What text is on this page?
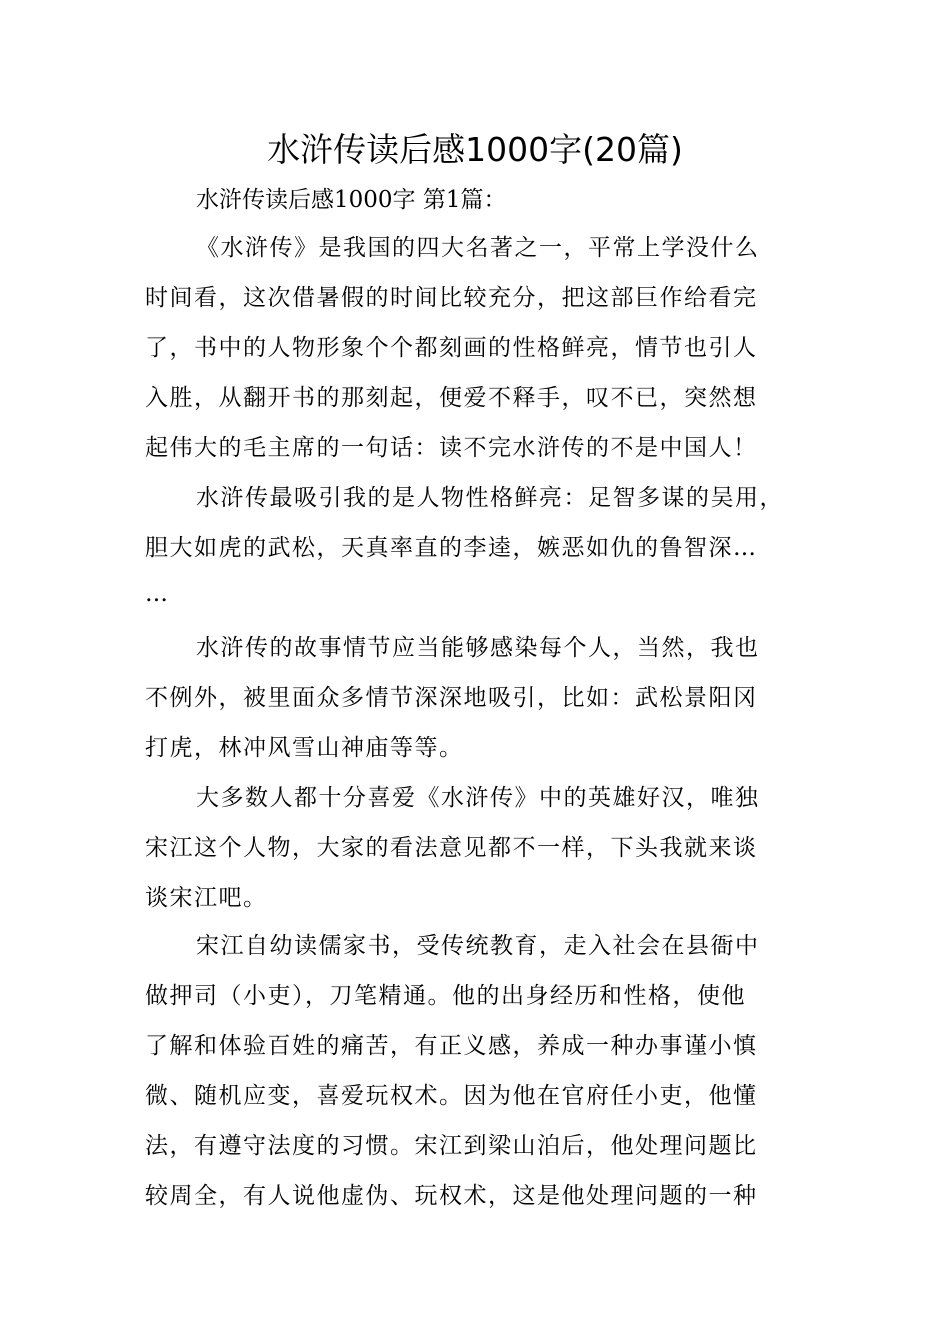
水浒传读后感1000字(20篇)
水浒传读后感1000字 第1篇：
《水浒传》是我国的四大名著之一，平常上学没什么
时间看，这次借暑假的时间比较充分，把这部巨作给看完
了，书中的人物形象个个都刻画的性格鲜亮，情节也引人
入胜，从翻开书的那刻起，便爱不释手，叹不已，突然想
起伟大的毛主席的一句话：读不完水浒传的不是中国人！
水浒传最吸引我的是人物性格鲜亮：足智多谋的吴用，
胆大如虎的武松，天真率直的李逵，嫉恶如仇的鲁智深…
…
水浒传的故事情节应当能够感染每个人，当然，我也
不例外，被里面众多情节深深地吸引，比如：武松景阳冈
打虎，林冲风雪山神庙等等。
大多数人都十分喜爱《水浒传》中的英雄好汉，唯独
宋江这个人物，大家的看法意见都不一样，下头我就来谈
谈宋江吧。
宋江自幼读儒家书，受传统教育，走入社会在县衙中
做押司（小吏），刀笔精通。他的出身经历和性格，使他
了解和体验百姓的痛苦，有正义感，养成一种办事谨小慎
微、随机应变，喜爱玩权术。因为他在官府任小吏，他懂
法，有遵守法度的习惯。宋江到梁山泊后，他处理问题比
较周全，有人说他虚伪、玩权术，这是他处理问题的一种
